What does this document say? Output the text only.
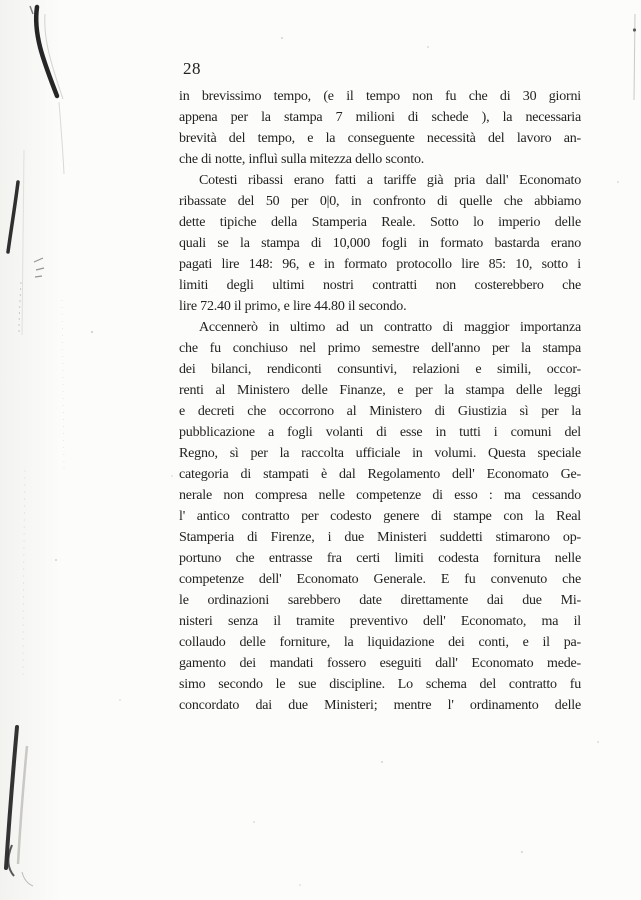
28
in brevissimo tempo, (e il tempo non fu che di 30 giorni
appena per la stampa 7 milioni di schede ), la necessaria
brevità del tempo, e la conseguente necessità del lavoro an-
che di notte, influì sulla mitezza dello sconto.
Cotesti ribassi erano fatti a tariffe già pria dall' Economato
ribassate del 50 per 0|0, in confronto di quelle che abbiamo
dette tipiche della Stamperia Reale. Sotto lo imperio delle
quali se la stampa di 10,000 fogli in formato bastarda erano
pagati lire 148: 96, e in formato protocollo lire 85: 10, sotto i
limiti degli ultimi nostri contratti non costerebbero che
lire 72.40 il primo, e lire 44.80 il secondo.
Accennerò in ultimo ad un contratto di maggior importanza
che fu conchiuso nel primo semestre dell'anno per la stampa
dei bilanci, rendiconti consuntivi, relazioni e simili, occor-
renti al Ministero delle Finanze, e per la stampa delle leggi
e decreti che occorrono al Ministero di Giustizia sì per la
pubblicazione a fogli volanti di esse in tutti i comuni del
Regno, sì per la raccolta ufficiale in volumi. Questa speciale
categoria di stampati è dal Regolamento dell' Economato Ge-
nerale non compresa nelle competenze di esso : ma cessando
l' antico contratto per codesto genere di stampe con la Real
Stamperia di Firenze, i due Ministeri suddetti stimarono op-
portuno che entrasse fra certi limiti codesta fornitura nelle
competenze dell' Economato Generale. E fu convenuto che
le ordinazioni sarebbero date direttamente dai due Mi-
nisteri senza il tramite preventivo dell' Economato, ma il
collaudo delle forniture, la liquidazione dei conti, e il pa-
gamento dei mandati fossero eseguiti dall' Economato mede-
simo secondo le sue discipline. Lo schema del contratto fu
concordato dai due Ministeri; mentre l' ordinamento delle
